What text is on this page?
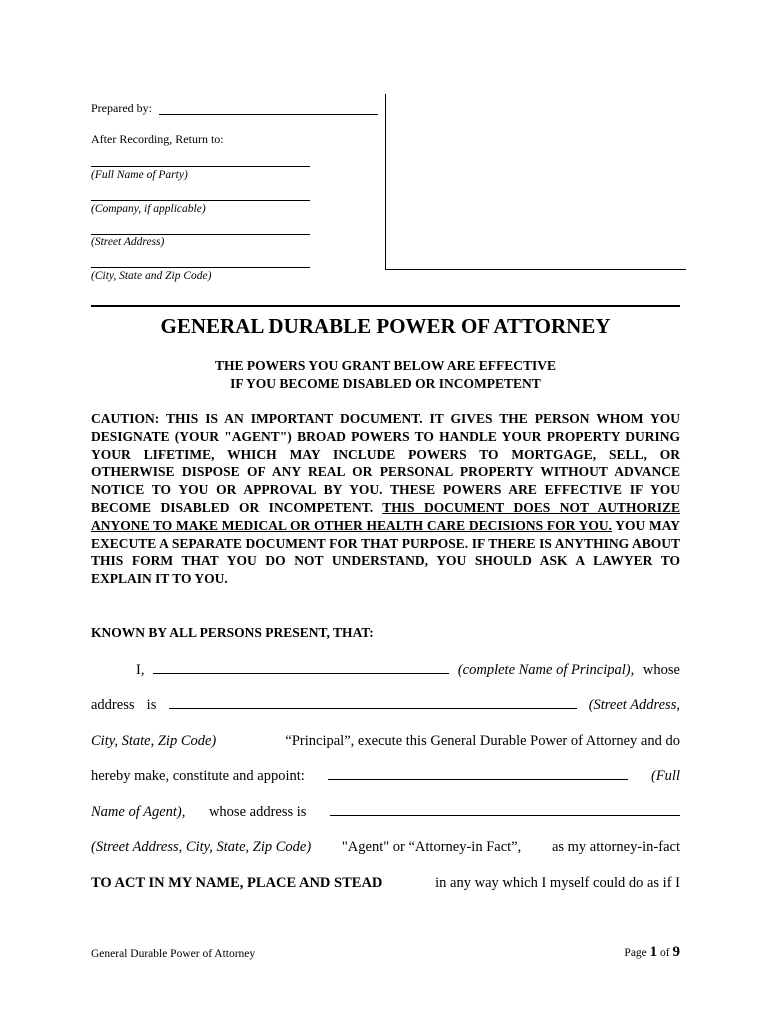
Prepared by:
After Recording, Return to:
(Full Name of Party)
(Company, if applicable)
(Street Address)
(City, State and Zip Code)
GENERAL DURABLE POWER OF ATTORNEY
THE POWERS YOU GRANT BELOW ARE EFFECTIVE
IF YOU BECOME DISABLED OR INCOMPETENT
CAUTION: THIS IS AN IMPORTANT DOCUMENT. IT GIVES THE PERSON WHOM YOU DESIGNATE (YOUR "AGENT") BROAD POWERS TO HANDLE YOUR PROPERTY DURING YOUR LIFETIME, WHICH MAY INCLUDE POWERS TO MORTGAGE, SELL, OR OTHERWISE DISPOSE OF ANY REAL OR PERSONAL PROPERTY WITHOUT ADVANCE NOTICE TO YOU OR APPROVAL BY YOU. THESE POWERS ARE EFFECTIVE IF YOU BECOME DISABLED OR INCOMPETENT. THIS DOCUMENT DOES NOT AUTHORIZE ANYONE TO MAKE MEDICAL OR OTHER HEALTH CARE DECISIONS FOR YOU. YOU MAY EXECUTE A SEPARATE DOCUMENT FOR THAT PURPOSE. IF THERE IS ANYTHING ABOUT THIS FORM THAT YOU DO NOT UNDERSTAND, YOU SHOULD ASK A LAWYER TO EXPLAIN IT TO YOU.
KNOWN BY ALL PERSONS PRESENT, THAT:
I,	(complete Name of Principal), whose
address is	(Street Address,
City, State, Zip Code)	“Principal”, execute this General Durable Power of Attorney and do
hereby make, constitute and appoint:	(Full
Name of Agent), whose address is
(Street Address, City, State, Zip Code) "Agent" or “Attorney-in Fact”, as my attorney-in-fact
TO ACT IN MY NAME, PLACE AND STEAD	in any way which I myself could do as if I
General Durable Power of Attorney	Page 1 of 9
